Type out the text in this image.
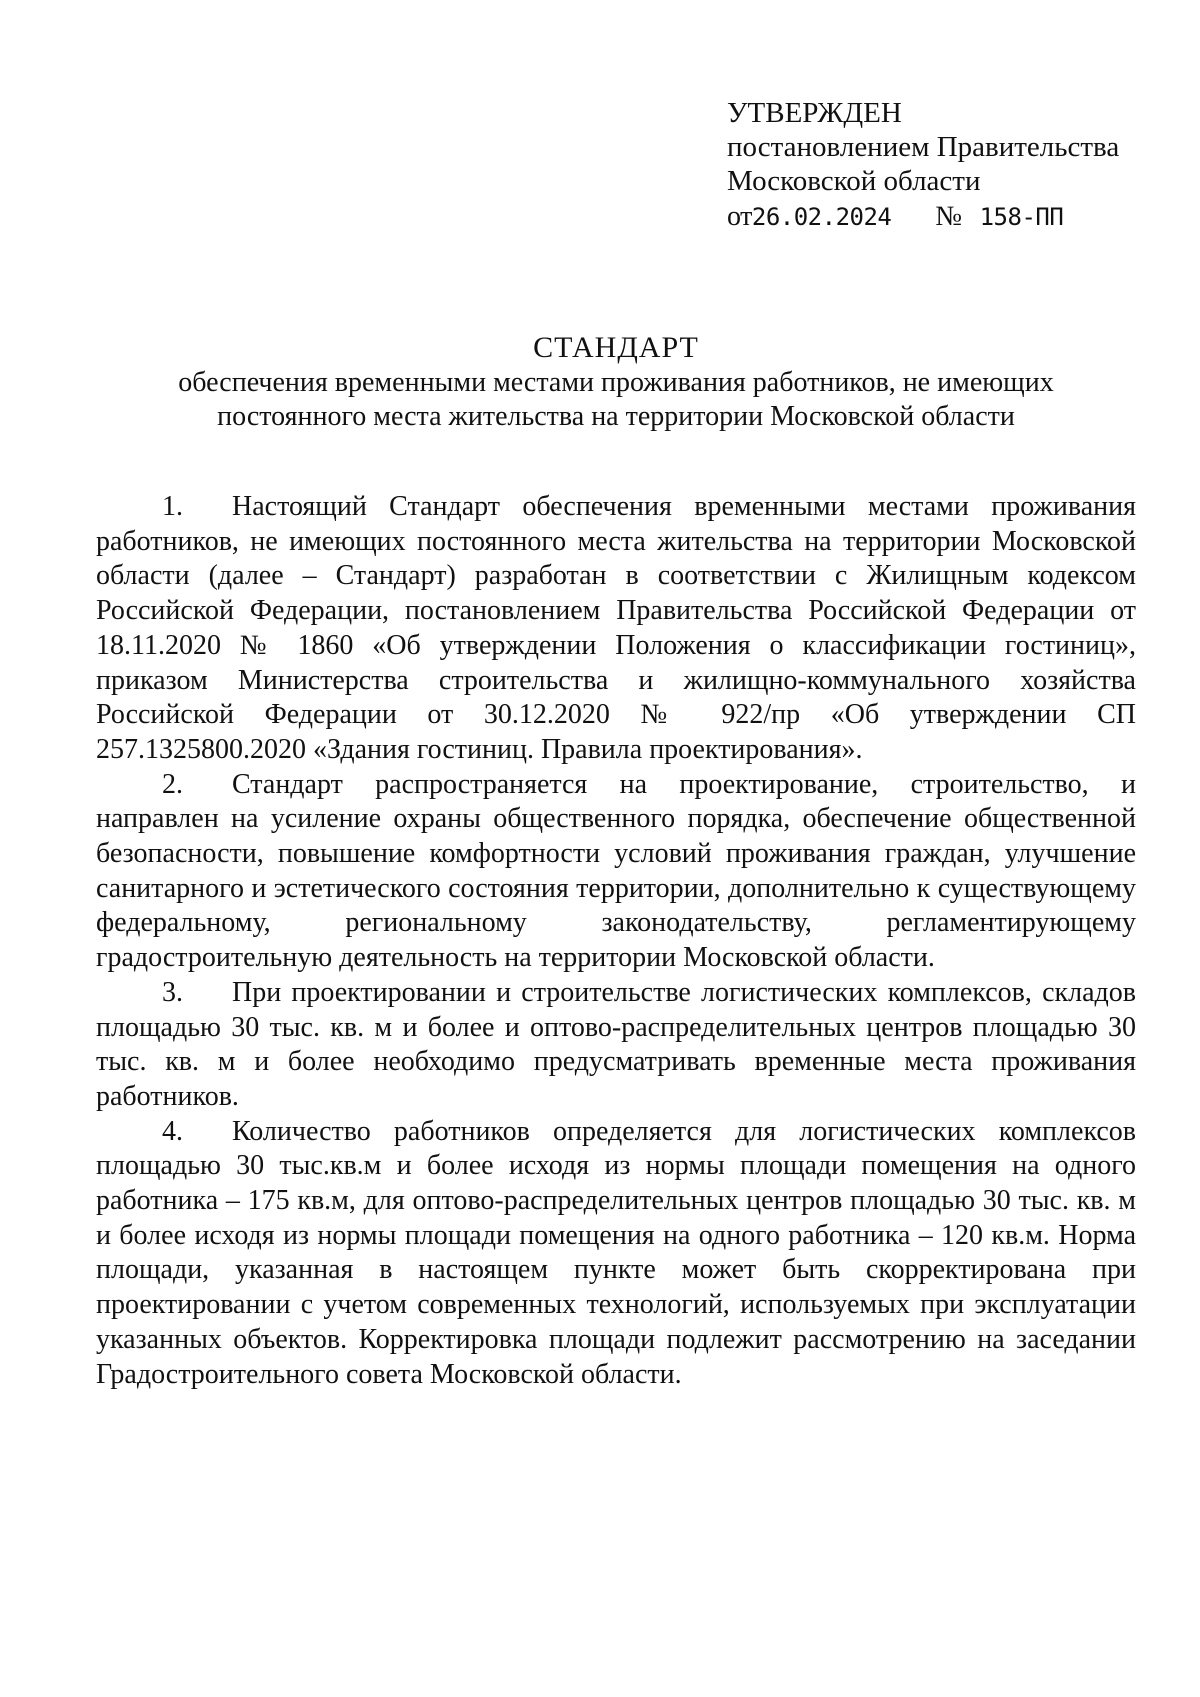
УТВЕРЖДЕН
постановлением Правительства
Московской области
от26.02.2024 № 158-ПП
СТАНДАРТ
обеспечения временными местами проживания работников, не имеющих
постоянного места жительства на территории Московской области

1. Настоящий Стандарт обеспечения временными местами проживания работников, не имеющих постоянного места жительства на территории Московской области (далее – Стандарт) разработан в соответствии с Жилищным кодексом Российской Федерации, постановлением Правительства Российской Федерации от 18.11.2020 № 1860 «Об утверждении Положения о классификации гостиниц», приказом Министерства строительства и жилищно-коммунального хозяйства Российской Федерации от 30.12.2020 № 922/пр «Об утверждении СП 257.1325800.2020 «Здания гостиниц. Правила проектирования».

2. Стандарт распространяется на проектирование, строительство, и направлен на усиление охраны общественного порядка, обеспечение общественной безопасности, повышение комфортности условий проживания граждан, улучшение санитарного и эстетического состояния территории, дополнительно к существующему федеральному, региональному законодательству, регламентирующему градостроительную деятельность на территории Московской области.

3. При проектировании и строительстве логистических комплексов, складов площадью 30 тыс. кв. м и более и оптово-распределительных центров площадью 30 тыс. кв. м и более необходимо предусматривать временные места проживания работников.

4. Количество работников определяется для логистических комплексов площадью 30 тыс.кв.м и более исходя из нормы площади помещения на одного работника – 175 кв.м, для оптово-распределительных центров площадью 30 тыс. кв. м и более исходя из нормы площади помещения на одного работника – 120 кв.м. Норма площади, указанная в настоящем пункте может быть скорректирована при проектировании с учетом современных технологий, используемых при эксплуатации указанных объектов. Корректировка площади подлежит рассмотрению на заседании Градостроительного совета Московской области.
